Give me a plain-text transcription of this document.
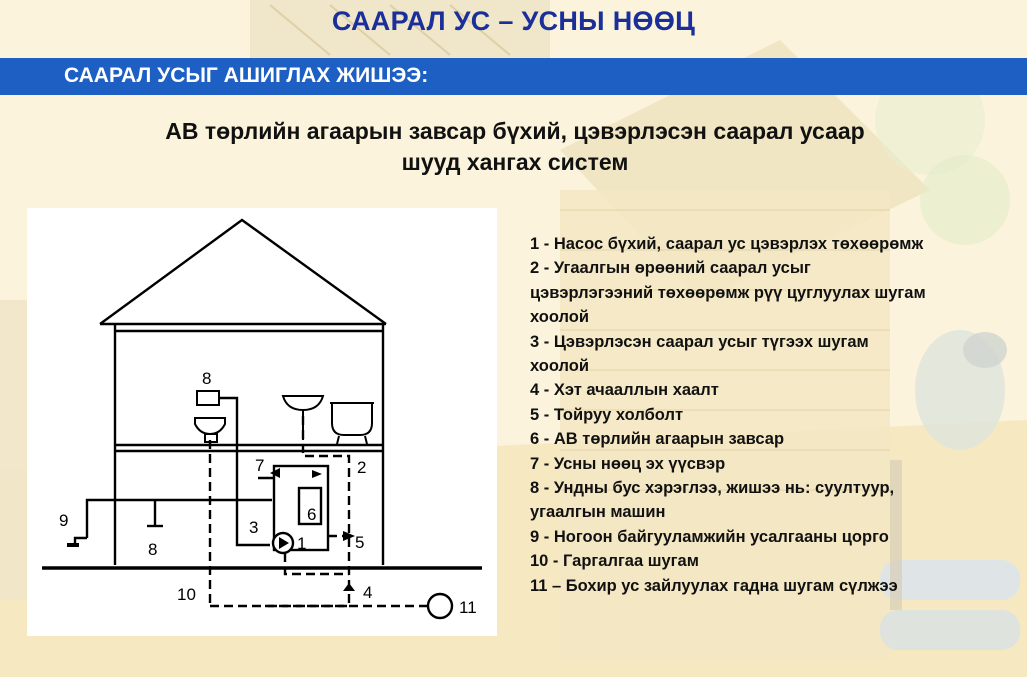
СААРАЛ УС – УСНЫ НӨӨЦ
СААРАЛ УСЫГ АШИГЛАХ ЖИШЭЭ:
АВ төрлийн агаарын завсар бүхий, цэвэрлэсэн саарал усаар
шууд хангах систем
8
2
7
6
9	3
1	5
8
10	4
11
1 - Насос бүхий, саарал ус цэвэрлэх төхөөрөмж
2 - Угаалгын өрөөний саарал усыг
цэвэрлэгээний төхөөрөмж рүү цуглуулах шугам
хоолой
3 - Цэвэрлэсэн саарал усыг түгээх шугам
хоолой
4 - Хэт ачааллын хаалт
5 - Тойруу холболт
6 - АВ төрлийн агаарын завсар
7 - Усны нөөц эх үүсвэр
8 - Ундны бус хэрэглээ, жишээ нь: суултуур,
угаалгын машин
9 - Ногоон байгууламжийн усалгааны цорго
10 - Гаргалгаа шугам
11 – Бохир ус зайлуулах гадна шугам сүлжээ
